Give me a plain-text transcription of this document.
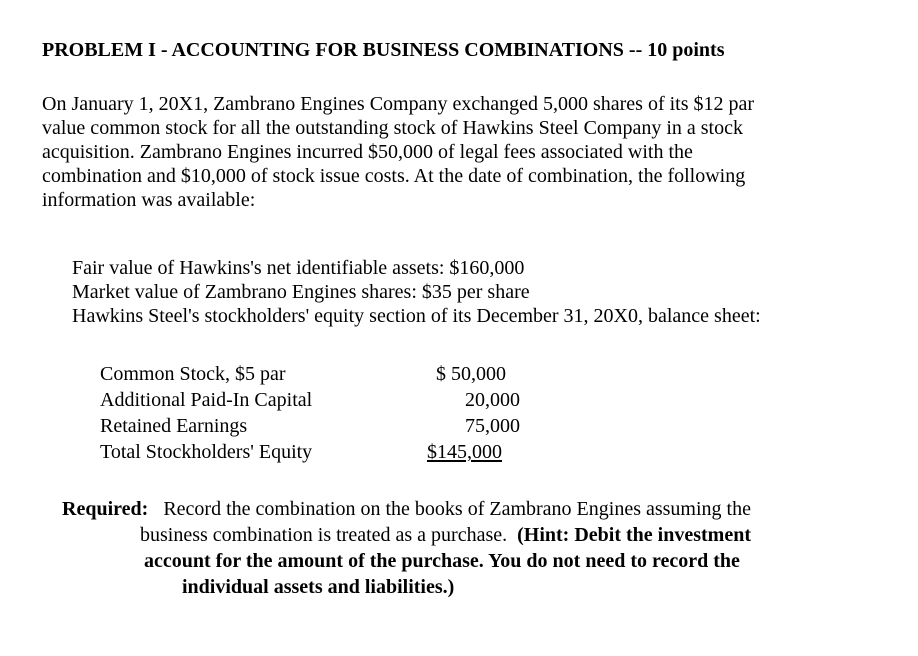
PROBLEM I - ACCOUNTING FOR BUSINESS COMBINATIONS -- 10 points
On January 1, 20X1, Zambrano Engines Company exchanged 5,000 shares of its $12 par
value common stock for all the outstanding stock of Hawkins Steel Company in a stock
acquisition. Zambrano Engines incurred $50,000 of legal fees associated with the
combination and $10,000 of stock issue costs. At the date of combination, the following
information was available:
Fair value of Hawkins's net identifiable assets: $160,000
Market value of Zambrano Engines shares: $35 per share
Hawkins Steel's stockholders' equity section of its December 31, 20X0, balance sheet:
Common Stock, $5 par	$ 50,000
Additional Paid-In Capital	20,000
Retained Earnings	75,000
Total Stockholders' Equity	$145,000
Required: Record the combination on the books of Zambrano Engines assuming the
business combination is treated as a purchase. (Hint: Debit the investment
account for the amount of the purchase. You do not need to record the
individual assets and liabilities.)
